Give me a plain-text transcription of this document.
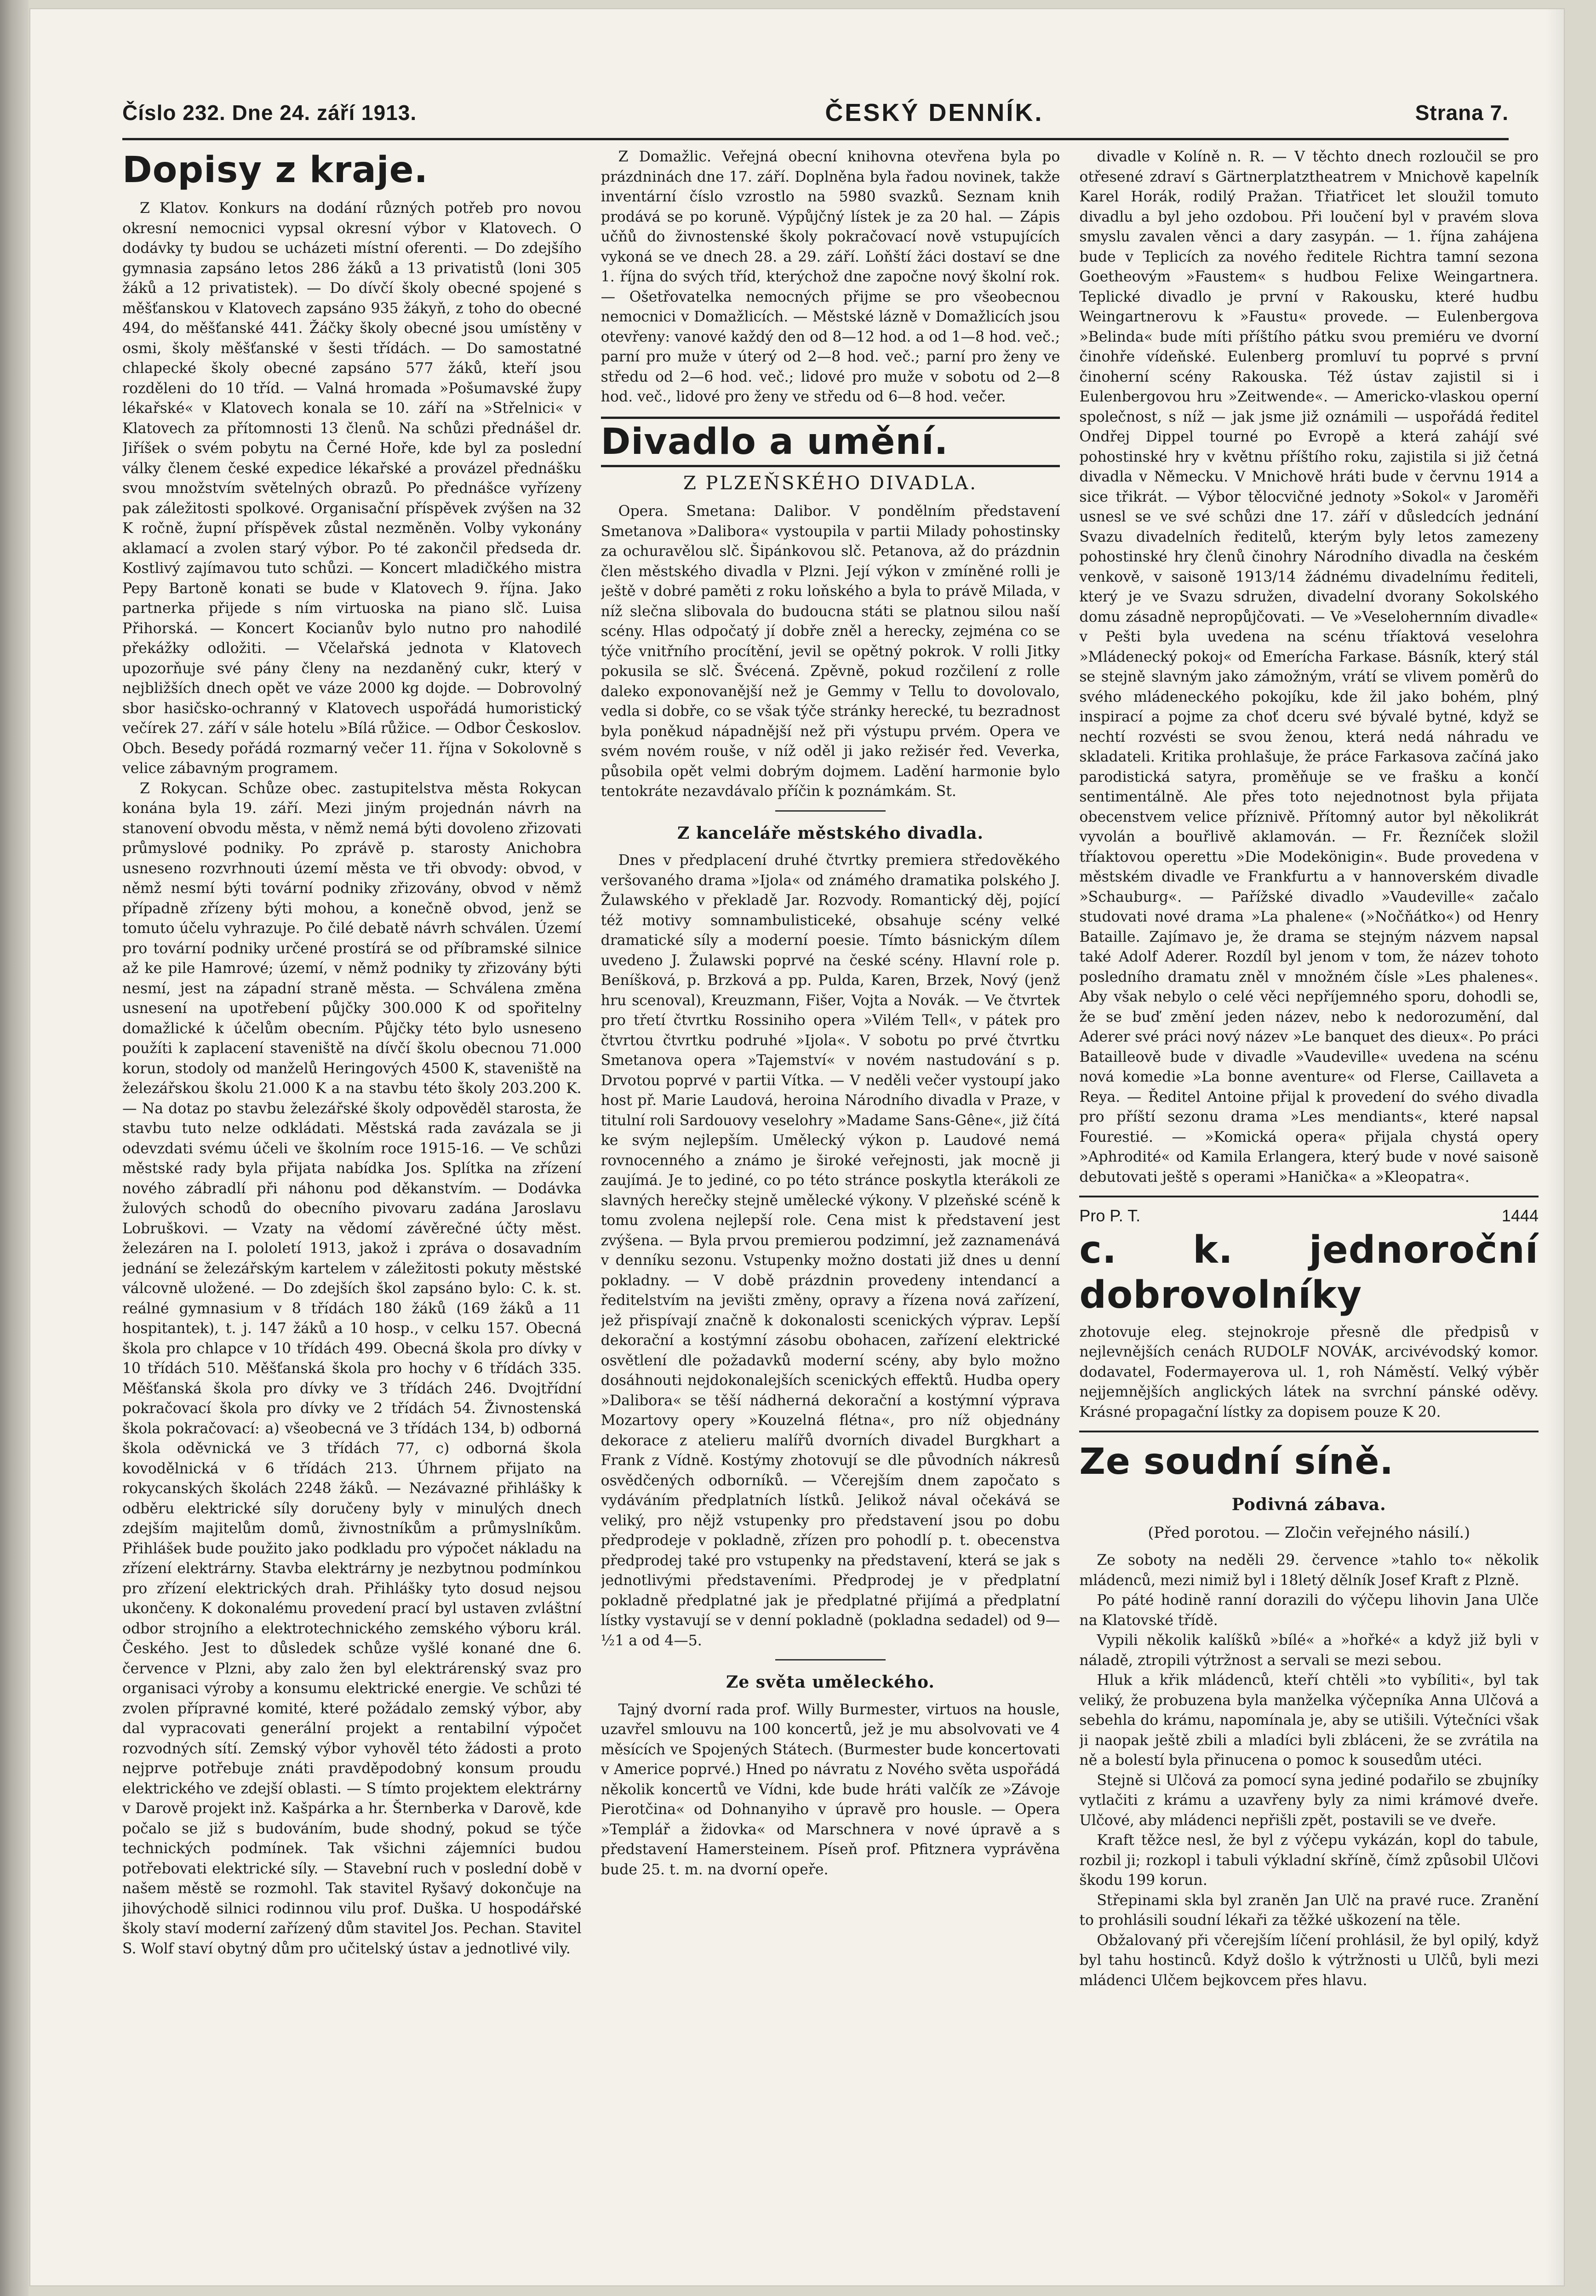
Číslo 232. Dne 24. září 1913.	ČESKÝ DENNÍK.	Strana 7.
Dopisy z kraje.

Z Klatov. Konkurs na dodání různých potřeb pro novou okresní nemocnici vypsal okresní výbor v Klatovech. O dodávky ty budou se ucházeti místní oferenti. — Do zdejšího gymnasia zapsáno letos 286 žáků a 13 privatistů (loni 305 žáků a 12 privatistek). — Do dívčí školy obecné spojené s měšťanskou v Klatovech zapsáno 935 žákyň, z toho do obecné 494, do měšťanské 441. Žáčky školy obecné jsou umístěny v osmi, školy měšťanské v šesti třídách. — Do samostatné chlapecké školy obecné zapsáno 577 žáků, kteří jsou rozděleni do 10 tříd. — Valná hromada »Pošumavské župy lékařské« v Klatovech konala se 10. září na »Střelnici« v Klatovech za přítomnosti 13 členů. Na schůzi přednášel dr. Jiříšek o svém pobytu na Černé Hoře, kde byl za poslední války členem české expedice lékařské a provázel přednášku svou množstvím světelných obrazů. Po přednášce vyřízeny pak záležitosti spolkové. Organisační příspěvek zvýšen na 32 K ročně, župní příspěvek zůstal nezměněn. Volby vykonány aklamací a zvolen starý výbor. Po té zakončil předseda dr. Kostlivý zajímavou tuto schůzi. — Koncert mladičkého mistra Pepy Bartoně konati se bude v Klatovech 9. října. Jako partnerka přijede s ním virtuoska na piano slč. Luisa Přihorská. — Koncert Kocianův bylo nutno pro nahodilé překážky odložiti. — Včelařská jednota v Klatovech upozorňuje své pány členy na nezdaněný cukr, který v nejbližších dnech opět ve váze 2000 kg dojde. — Dobrovolný sbor hasičsko-ochranný v Klatovech uspořádá humoristický večírek 27. září v sále hotelu »Bílá růžice. — Odbor Českoslov. Obch. Besedy pořádá rozmarný večer 11. října v Sokolovně s velice zábavným programem.

Z Rokycan. Schůze obec. zastupitelstva města Rokycan konána byla 19. září. Mezi jiným projednán návrh na stanovení obvodu města, v němž nemá býti dovoleno zřizovati průmyslové podniky. Po zprávě p. starosty Anichobra usneseno rozvrhnouti území města ve tři obvody: obvod, v němž nesmí býti tovární podniky zřizovány, obvod v němž případně zřízeny býti mohou, a konečně obvod, jenž se tomuto účelu vyhrazuje. Po čilé debatě návrh schválen. Území pro tovární podniky určené prostírá se od příbramské silnice až ke pile Hamrové; území, v němž podniky ty zřizovány býti nesmí, jest na západní straně města. — Schválena změna usnesení na upotřebení půjčky 300.000 K od spořitelny domažlické k účelům obecním. Půjčky této bylo usneseno použíti k zaplacení staveniště na dívčí školu obecnou 71.000 korun, stodoly od manželů Heringových 4500 K, staveniště na železářskou školu 21.000 K a na stavbu této školy 203.200 K. — Na dotaz po stavbu železářské školy odpověděl starosta, že stavbu tuto nelze odkládati. Městská rada zavázala se ji odevzdati svému účeli ve školním roce 1915-16. — Ve schůzi městské rady byla přijata nabídka Jos. Splítka na zřízení nového zábradlí při náhonu pod děkanstvím. — Dodávka žulových schodů do obecního pivovaru zadána Jaroslavu Lobruškovi. — Vzaty na vědomí závěrečné účty měst. železáren na I. pololetí 1913, jakož i zpráva o dosavadním jednání se železářským kartelem v záležitosti pokuty městské válcovně uložené. — Do zdejších škol zapsáno bylo: C. k. st. reálné gymnasium v 8 třídách 180 žáků (169 žáků a 11 hospitantek), t. j. 147 žáků a 10 hosp., v celku 157. Obecná škola pro chlapce v 10 třídách 499. Obecná škola pro dívky v 10 třídách 510. Měšťanská škola pro hochy v 6 třídách 335. Měšťanská škola pro dívky ve 3 třídách 246. Dvojtřídní pokračovací škola pro dívky ve 2 třídách 54. Živnostenská škola pokračovací: a) všeobecná ve 3 třídách 134, b) odborná škola oděvnická ve 3 třídách 77, c) odborná škola kovodělnická v 6 třídách 213. Úhrnem přijato na rokycanských školách 2248 žáků. — Nezávazné přihlášky k odběru elektrické síly doručeny byly v minulých dnech zdejším majitelům domů, živnostníkům a průmyslníkům. Přihlášek bude použito jako podkladu pro výpočet nákladu na zřízení elektrárny. Stavba elektrárny je nezbytnou podmínkou pro zřízení elektrických drah. Přihlášky tyto dosud nejsou ukončeny. K dokonalému provedení prací byl ustaven zvláštní odbor strojního a elektrotechnického zemského výboru král. Českého. Jest to důsledek schůze vyšlé konané dne 6. července v Plzni, aby zalo žen byl elektrárenský svaz pro organisaci výroby a konsumu elektrické energie. Ve schůzi té zvolen přípravné komité, které požádalo zemský výbor, aby dal vypracovati generální projekt a rentabilní výpočet rozvodných sítí. Zemský výbor vyhověl této žádosti a proto nejprve potřebuje znáti pravděpodobný konsum proudu elektrického ve zdejší oblasti. — S tímto projektem elektrárny v Darově projekt inž. Kašpárka a hr. Šternberka v Darově, kde počalo se již s budováním, bude shodný, pokud se týče technických podmínek. Tak všichni zájemníci budou potřebovati elektrické síly. — Stavební ruch v poslední době v našem městě se rozmohl. Tak stavitel Ryšavý dokončuje na jihovýchodě silnici rodinnou vilu prof. Duška. U hospodářské školy staví moderní zařízený dům stavitel Jos. Pechan. Stavitel S. Wolf staví obytný dům pro učitelský ústav a jednotlivé vily.

Z Domažlic. Veřejná obecní knihovna otevřena byla po prázdninách dne 17. září. Doplněna byla řadou novinek, takže inventární číslo vzrostlo na 5980 svazků. Seznam knih prodává se po koruně. Výpůjčný lístek je za 20 hal. — Zápis učňů do živnostenské školy pokračovací nově vstupujících vykoná se ve dnech 28. a 29. září. Loňští žáci dostaví se dne 1. října do svých tříd, kterýchož dne započne nový školní rok. — Ošetřovatelka nemocných přijme se pro všeobecnou nemocnici v Domažlicích. — Městské lázně v Domažlicích jsou otevřeny: vanové každý den od 8—12 hod. a od 1—8 hod. več.; parní pro muže v úterý od 2—8 hod. več.; parní pro ženy ve středu od 2—6 hod. več.; lidové pro muže v sobotu od 2—8 hod. več., lidové pro ženy ve středu od 6—8 hod. večer.

Divadlo a umění.
Z PLZEŇSKÉHO DIVADLA.

Opera. Smetana: Dalibor. V pondělním představení Smetanova »Dalibora« vystoupila v partii Milady pohostinsky za ochuravělou slč. Šipánkovou slč. Petanova, až do prázdnin člen městského divadla v Plzni. Její výkon v zmíněné rolli je ještě v dobré paměti z roku loňského a byla to právě Milada, v níž slečna slibovala do budoucna státi se platnou silou naší scény. Hlas odpočatý jí dobře zněl a herecky, zejména co se týče vnitřního procítění, jevil se opětný pokrok. V rolli Jitky pokusila se slč. Švécená. Zpěvně, pokud rozčilení z rolle daleko exponovanější než je Gemmy v Tellu to dovolovalo, vedla si dobře, co se však týče stránky herecké, tu bezradnost byla poněkud nápadnější než při výstupu prvém. Opera ve svém novém rouše, v níž oděl ji jako režisér řed. Veverka, působila opět velmi dobrým dojmem. Ladění harmonie bylo tentokráte nezavdávalo příčin k poznámkám. St.

Z kanceláře městského divadla.

Dnes v předplacení druhé čtvrtky premiera středověkého veršovaného drama »Ijola« od známého dramatika polského J. Žulawského v překladě Jar. Rozvody. Romantický děj, pojící též motivy somnambulisticeké, obsahuje scény velké dramatické síly a moderní poesie. Tímto básnickým dílem uvedeno J. Žulawski poprvé na české scény. Hlavní role p. Beníšková, p. Brzková a pp. Pulda, Karen, Brzek, Nový (jenž hru scenoval), Kreuzmann, Fišer, Vojta a Novák. — Ve čtvrtek pro třetí čtvrtku Rossiniho opera »Vilém Tell«, v pátek pro čtvrtou čtvrtku podruhé »Ijola«. V sobotu po prvé čtvrtku Smetanova opera »Tajemství« v novém nastudování s p. Drvotou poprvé v partii Vítka. — V neděli večer vystoupí jako host př. Marie Laudová, heroina Národního divadla v Praze, v titulní roli Sardouovy veselohry »Madame Sans-Gêne«, již čítá ke svým nejlepším. Umělecký výkon p. Laudové nemá rovnocenného a známo je široké veřejnosti, jak mocně ji zaujímá. Je to jediné, co po této stránce poskytla kterákoli ze slavných herečky stejně umělecké výkony. V plzeňské scéně k tomu zvolena nejlepší role. Cena mist k představení jest zvýšena. — Byla prvou premierou podzimní, jež zaznamenává v denníku sezonu. Vstupenky možno dostati již dnes u denní pokladny. — V době prázdnin provedeny intendancí a ředitelstvím na jevišti změny, opravy a řízena nová zařízení, jež přispívají značně k dokonalosti scenických výprav. Lepší dekorační a kostýmní zásobu obohacen, zařízení elektrické osvětlení dle požadavků moderní scény, aby bylo možno dosáhnouti nejdokonalejších scenických effektů. Hudba opery »Dalibora« se těší nádherná dekorační a kostýmní výprava Mozartovy opery »Kouzelná flétna«, pro níž objednány dekorace z atelieru malířů dvorních divadel Burgkhart a Frank z Vídně. Kostýmy zhotovují se dle původních nákresů osvědčených odborníků. — Včerejším dnem započato s vydáváním předplatních lístků. Jelikož nával očekává se veliký, pro nějž vstupenky pro představení jsou po dobu předprodeje v pokladně, zřízen pro pohodlí p. t. obecenstva předprodej také pro vstupenky na představení, která se jak s jednotlivými představeními. Předprodej je v předplatní pokladně předplatné jak je předplatné přijímá a předplatní lístky vystavují se v denní pokladně (pokladna sedadel) od 9—½1 a od 4—5.

Ze světa uměleckého.

Tajný dvorní rada prof. Willy Burmester, virtuos na housle, uzavřel smlouvu na 100 koncertů, jež je mu absolvovati ve 4 měsících ve Spojených Státech. (Burmester bude koncertovati v Americe poprvé.) Hned po návratu z Nového světa uspořádá několik koncertů ve Vídni, kde bude hráti valčík ze »Závoje Pierotčina« od Dohnanyiho v úpravě pro housle. — Opera »Templář a židovka« od Marschnera v nové úpravě a s představení Hamersteinem. Píseň prof. Pfitznera vyprávěna bude 25. t. m. na dvorní opeře.

divadle v Kolíně n. R. — V těchto dnech rozloučil se pro otřesené zdraví s Gärtnerplatztheatrem v Mnichově kapelník Karel Horák, rodilý Pražan. Třiatřicet let sloužil tomuto divadlu a byl jeho ozdobou. Při loučení byl v pravém slova smyslu zavalen věnci a dary zasypán. — 1. října zahájena bude v Teplicích za nového ředitele Richtra tamní sezona Goetheovým »Faustem« s hudbou Felixe Weingartnera. Teplické divadlo je první v Rakousku, které hudbu Weingartnerovu k »Faustu« provede. — Eulenbergova »Belinda« bude míti příštího pátku svou premiéru ve dvorní činohře vídeňské. Eulenberg promluví tu poprvé s první činoherní scény Rakouska. Též ústav zajistil si i Eulenbergovou hru »Zeitwende«. — Americko-vlaskou operní společnost, s níž — jak jsme již oznámili — uspořádá ředitel Ondřej Dippel tourné po Evropě a která zahájí své pohostinské hry v květnu příštího roku, zajistila si již četná divadla v Německu. V Mnichově hráti bude v červnu 1914 a sice třikrát. — Výbor tělocvičné jednoty »Sokol« v Jaroměři usnesl se ve své schůzi dne 17. září v důsledcích jednání Svazu divadelních ředitelů, kterým byly letos zamezeny pohostinské hry členů činohry Národního divadla na českém venkově, v saisoně 1913/14 žádnému divadelnímu řediteli, který je ve Svazu sdružen, divadelní dvorany Sokolského domu zásadně nepropůjčovati. — Ve »Veselohernním divadle« v Pešti byla uvedena na scénu tříaktová veselohra »Mládenecký pokoj« od Emerícha Farkase. Básník, který stál se stejně slavným jako zámožným, vrátí se vlivem poměrů do svého mládeneckého pokojíku, kde žil jako bohém, plný inspirací a pojme za choť dceru své bývalé bytné, když se nechtí rozvésti se svou ženou, která nedá náhradu ve skladateli. Kritika prohlašuje, že práce Farkasova začíná jako parodistická satyra, proměňuje se ve frašku a končí sentimentálně. Ale přes toto nejednotnost byla přijata obecenstvem velice příznivě. Přítomný autor byl několikrát vyvolán a bouřlivě aklamován. — Fr. Řezníček složil tříaktovou operettu »Die Modekönigin«. Bude provedena v městském divadle ve Frankfurtu a v hannoverském divadle »Schauburg«. — Pařížské divadlo »Vaudeville« začalo studovati nové drama »La phalene« (»Nočňátko«) od Henry Bataille. Zajímavo je, že drama se stejným názvem napsal také Adolf Aderer. Rozdíl byl jenom v tom, že název tohoto posledního dramatu zněl v množném čísle »Les phalenes«. Aby však nebylo o celé věci nepříjemného sporu, dohodli se, že se buď změní jeden název, nebo k nedorozumění, dal Aderer své práci nový název »Le banquet des dieux«. Po práci Batailleově bude v divadle »Vaudeville« uvedena na scénu nová komedie »La bonne aventure« od Flerse, Caillaveta a Reya. — Ředitel Antoine přijal k provedení do svého divadla pro příští sezonu drama »Les mendiants«, které napsal Fourestié. — »Komická opera« přijala chystá opery »Aphrodité« od Kamila Erlangera, který bude v nové saisoně debutovati ještě s operami »Hanička« a »Kleopatra«.

Pro P. T.	1444
c. k. jednoroční dobrovolníky

zhotovuje eleg. stejnokroje přesně dle předpisů v nejlevnějších cenách RUDOLF NOVÁK, arcivévodský komor. dodavatel, Fodermayerova ul. 1, roh Náměstí. Velký výběr nejjemnějších anglických látek na svrchní pánské oděvy. Krásné propagační lístky za dopisem pouze K 20.

Ze soudní síně.
Podivná zábava.
(Před porotou. — Zločin veřejného násilí.)

Ze soboty na neděli 29. července »tahlo to« několik mládenců, mezi nimiž byl i 18letý dělník Josef Kraft z Plzně.

Po páté hodině ranní dorazili do výčepu lihovin Jana Ulče na Klatovské třídě.

Vypili několik kalíšků »bílé« a »hořké« a když již byli v náladě, ztropili výtržnost a servali se mezi sebou.

Hluk a křik mládenců, kteří chtěli »to vybíliti«, byl tak veliký, že probuzena byla manželka výčepníka Anna Ulčová a sebehla do krámu, napomínala je, aby se utišili. Výtečníci však ji naopak ještě zbili a mladíci byli zbláceni, že se zvrátila na ně a bolestí byla přinucena o pomoc k sousedům utéci.

Stejně si Ulčová za pomocí syna jediné podařilo se zbujníky vytlačiti z krámu a uzavřeny byly za nimi krámové dveře. Ulčové, aby mládenci nepřišli zpět, postavili se ve dveře.

Kraft těžce nesl, že byl z výčepu vykázán, kopl do tabule, rozbil ji; rozkopl i tabuli výkladní skříně, čímž způsobil Ulčovi škodu 199 korun.

Střepinami skla byl zraněn Jan Ulč na pravé ruce. Zranění to prohlásili soudní lékaři za těžké uškození na těle.

Obžalovaný při včerejším líčení prohlásil, že byl opilý, když byl tahu hostinců. Když došlo k výtržnosti u Ulčů, byli mezi mládenci Ulčem bejkovcem přes hlavu.
